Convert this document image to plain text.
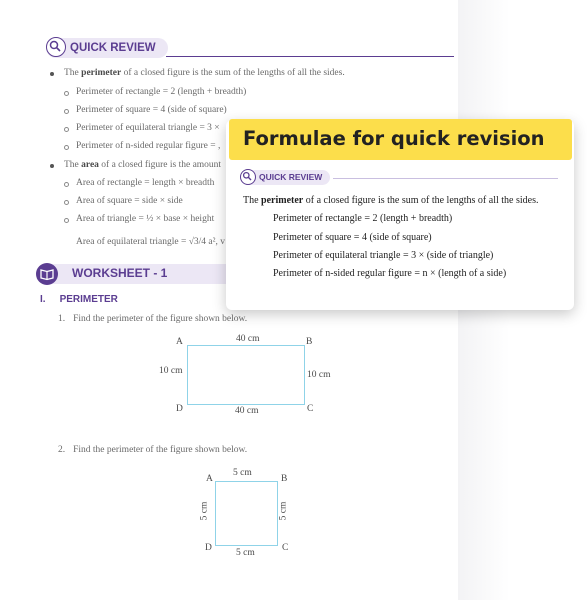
QUICK REVIEW
The perimeter of a closed figure is the sum of the lengths of all the sides.
Perimeter of rectangle = 2 (length + breadth)
Perimeter of square = 4 (side of square)
Perimeter of equilateral triangle = 3 ×
Perimeter of n-sided regular figure = ,
The area of a closed figure is the amount
Area of rectangle = length × breadth
Area of square = side × side
Area of triangle = ½ × base × height
Area of equilateral triangle = √3/4 a², v
WORKSHEET - 1
I. PERIMETER
1. Find the perimeter of the figure shown below.
A	B
D	C
40 cm
40 cm
10 cm	10 cm
2. Find the perimeter of the figure shown below.
A	B
D	C
5 cm
5 cm
5 cm	5 cm
Formulae for quick revision
QUICK REVIEW
The perimeter of a closed figure is the sum of the lengths of all the sides.
Perimeter of rectangle = 2 (length + breadth)
Perimeter of square = 4 (side of square)
Perimeter of equilateral triangle = 3 × (side of triangle)
Perimeter of n-sided regular figure = n × (length of a side)
